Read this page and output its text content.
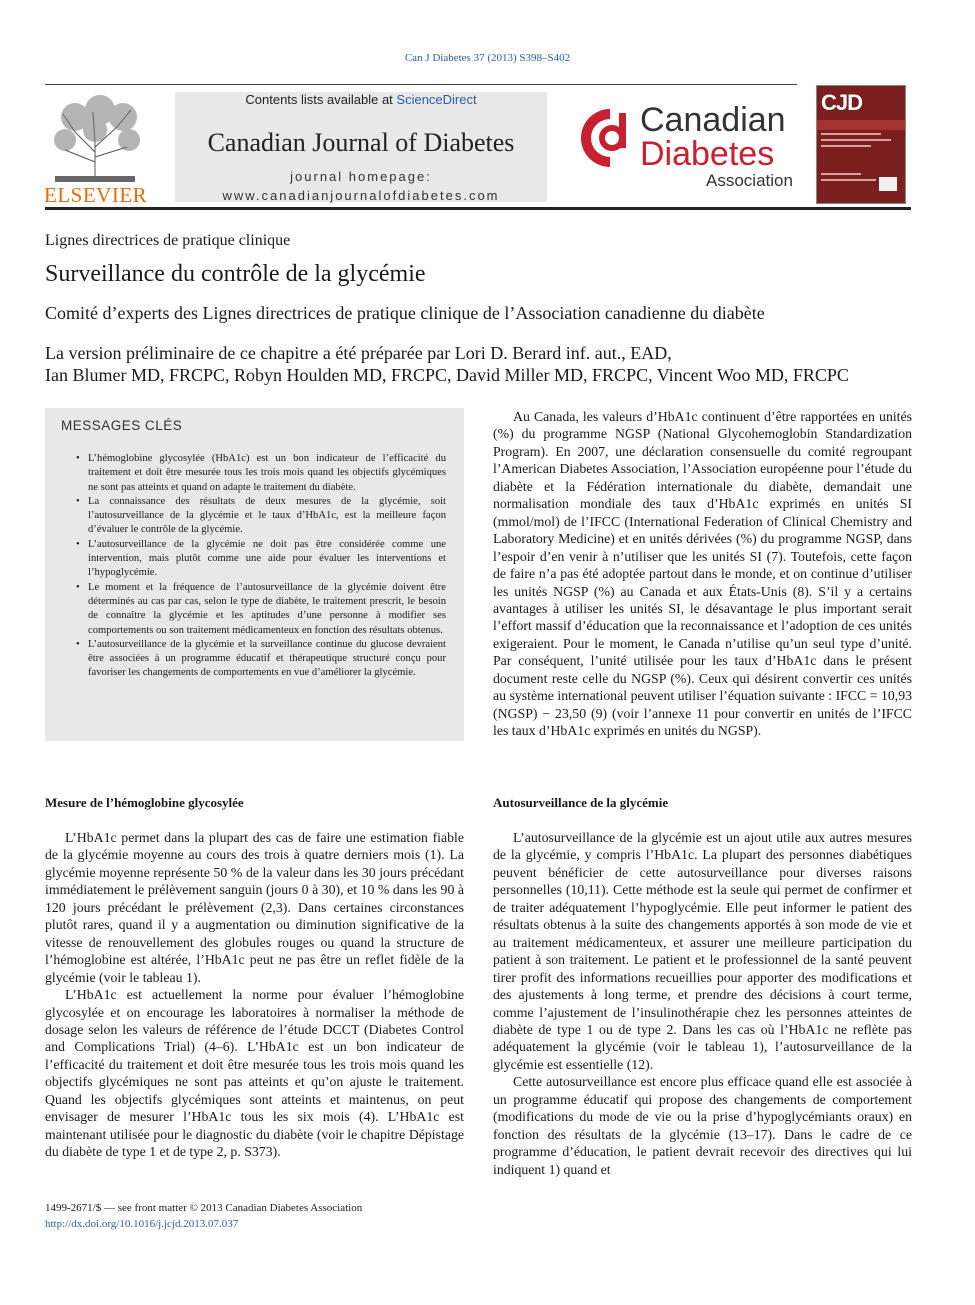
Can J Diabetes 37 (2013) S398–S402
ELSEVIER
Contents lists available at ScienceDirect
Canadian Journal of Diabetes
journal homepage:
www.canadianjournalofdiabetes.com
Canadian
Diabetes
Association
CJD
Lignes directrices de pratique clinique
Surveillance du contrôle de la glycémie
Comité d’experts des Lignes directrices de pratique clinique de l’Association canadienne du diabète
La version préliminaire de ce chapitre a été préparée par Lori D. Berard inf. aut., EAD,
Ian Blumer MD, FRCPC, Robyn Houlden MD, FRCPC, David Miller MD, FRCPC, Vincent Woo MD, FRCPC
MESSAGES CLÉS
• L’hémoglobine glycosylée (HbA1c) est un bon indicateur de l’efficacité du traitement et doit être mesurée tous les trois mois quand les objectifs glycémiques ne sont pas atteints et quand on adapte le traitement du diabète.
• La connaissance des résultats de deux mesures de la glycémie, soit l’autosurveillance de la glycémie et le taux d’HbA1c, est la meilleure façon d’évaluer le contrôle de la glycémie.
• L’autosurveillance de la glycémie ne doit pas être considérée comme une intervention, mais plutôt comme une aide pour évaluer les interventions et l’hypoglycémie.
• Le moment et la fréquence de l’autosurveillance de la glycémie doivent être déterminés au cas par cas, selon le type de diabète, le traitement prescrit, le besoin de connaître la glycémie et les aptitudes d’une personne à modifier ses comportements ou son traitement médicamenteux en fonction des résultats obtenus.
• L’autosurveillance de la glycémie et la surveillance continue du glucose devraient être associées à un programme éducatif et thérapeutique structuré conçu pour favoriser les changements de comportements en vue d’améliorer la glycémie.
Mesure de l’hémoglobine glycosylée

L’HbA1c permet dans la plupart des cas de faire une estimation fiable de la glycémie moyenne au cours des trois à quatre derniers mois (1). La glycémie moyenne représente 50 % de la valeur dans les 30 jours précédant immédiatement le prélèvement sanguin (jours 0 à 30), et 10 % dans les 90 à 120 jours précédant le prélèvement (2,3). Dans certaines circonstances plutôt rares, quand il y a augmentation ou diminution significative de la vitesse de renouvellement des globules rouges ou quand la structure de l’hémoglobine est altérée, l’HbA1c peut ne pas être un reflet fidèle de la glycémie (voir le tableau 1).

L’HbA1c est actuellement la norme pour évaluer l’hémoglobine glycosylée et on encourage les laboratoires à normaliser la méthode de dosage selon les valeurs de référence de l’étude DCCT (Diabetes Control and Complications Trial) (4–6). L’HbA1c est un bon indicateur de l’efficacité du traitement et doit être mesurée tous les trois mois quand les objectifs glycémiques ne sont pas atteints et qu’on ajuste le traitement. Quand les objectifs glycémiques sont atteints et maintenus, on peut envisager de mesurer l’HbA1c tous les six mois (4). L’HbA1c est maintenant utilisée pour le diagnostic du diabète (voir le chapitre Dépistage du diabète de type 1 et de type 2, p. S373).

Au Canada, les valeurs d’HbA1c continuent d’être rapportées en unités (%) du programme NGSP (National Glycohemoglobin Standardization Program). En 2007, une déclaration consensuelle du comité regroupant l’American Diabetes Association, l’Association européenne pour l’étude du diabète et la Fédération internationale du diabète, demandait une normalisation mondiale des taux d’HbA1c exprimés en unités SI (mmol/mol) de l’IFCC (International Federation of Clinical Chemistry and Laboratory Medicine) et en unités dérivées (%) du programme NGSP, dans l’espoir d’en venir à n’utiliser que les unités SI (7). Toutefois, cette façon de faire n’a pas été adoptée partout dans le monde, et on continue d’utiliser les unités NGSP (%) au Canada et aux États-Unis (8). S’il y a certains avantages à utiliser les unités SI, le désavantage le plus important serait l’effort massif d’éducation que la reconnaissance et l’adoption de ces unités exigeraient. Pour le moment, le Canada n’utilise qu’un seul type d’unité. Par conséquent, l’unité utilisée pour les taux d’HbA1c dans le présent document reste celle du NGSP (%). Ceux qui désirent convertir ces unités au système international peuvent utiliser l’équation suivante : IFCC = 10,93 (NGSP) − 23,50 (9) (voir l’annexe 11 pour convertir en unités de l’IFCC les taux d’HbA1c exprimés en unités du NGSP).

Autosurveillance de la glycémie

L’autosurveillance de la glycémie est un ajout utile aux autres mesures de la glycémie, y compris l’HbA1c. La plupart des personnes diabétiques peuvent bénéficier de cette autosurveillance pour diverses raisons personnelles (10,11). Cette méthode est la seule qui permet de confirmer et de traiter adéquatement l’hypoglycémie. Elle peut informer le patient des résultats obtenus à la suite des changements apportés à son mode de vie et au traitement médicamenteux, et assurer une meilleure participation du patient à son traitement. Le patient et le professionnel de la santé peuvent tirer profit des informations recueillies pour apporter des modifications et des ajustements à long terme, et prendre des décisions à court terme, comme l’ajustement de l’insulinothérapie chez les personnes atteintes de diabète de type 1 ou de type 2. Dans les cas où l’HbA1c ne reflète pas adéquatement la glycémie (voir le tableau 1), l’autosurveillance de la glycémie est essentielle (12).

Cette autosurveillance est encore plus efficace quand elle est associée à un programme éducatif qui propose des changements de comportement (modifications du mode de vie ou la prise d’hypoglycémiants oraux) en fonction des résultats de la glycémie (13–17). Dans le cadre de ce programme d’éducation, le patient devrait recevoir des directives qui lui indiquent 1) quand et

1499-2671/$ — see front matter © 2013 Canadian Diabetes Association
http://dx.doi.org/10.1016/j.jcjd.2013.07.037
